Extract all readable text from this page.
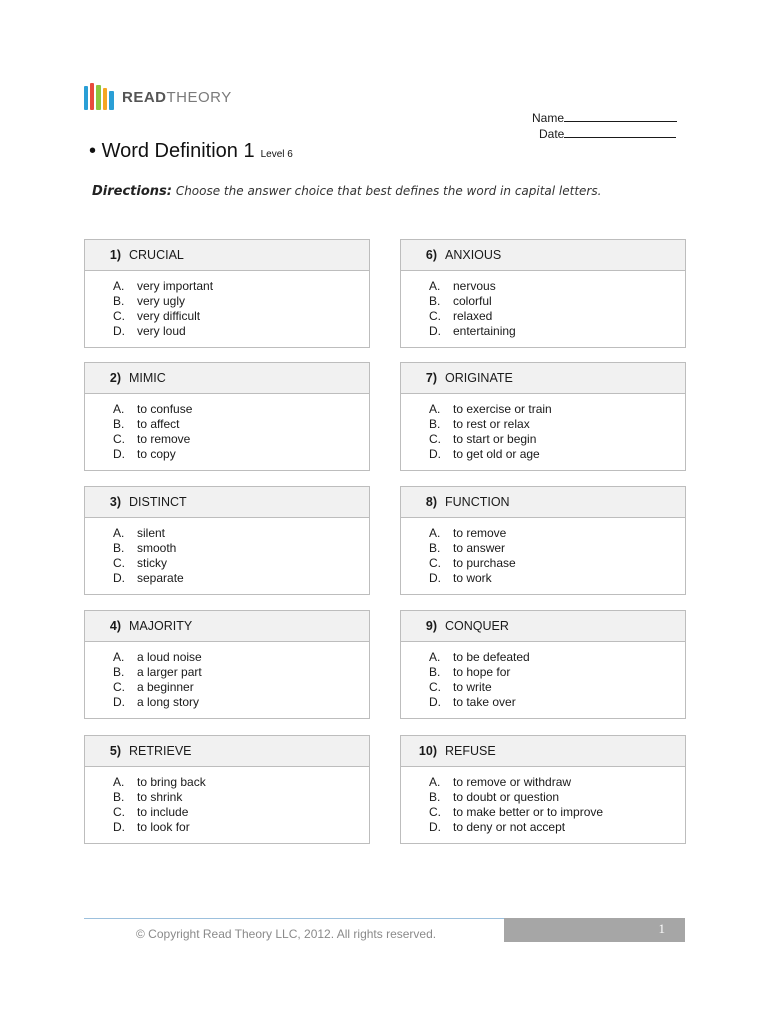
READTHEORY
Name
Date
• Word Definition 1 Level 6
Directions: Choose the answer choice that best defines the word in capital letters.
1) CRUCIAL
A.	very important
B.	very ugly
C.	very difficult
D.	very loud
2) MIMIC
A.	to confuse
B.	to affect
C.	to remove
D.	to copy
3) DISTINCT
A.	silent
B.	smooth
C.	sticky
D.	separate
4) MAJORITY
A.	a loud noise
B.	a larger part
C.	a beginner
D.	a long story
5) RETRIEVE
A.	to bring back
B.	to shrink
C.	to include
D.	to look for
6) ANXIOUS
A.	nervous
B.	colorful
C.	relaxed
D.	entertaining
7) ORIGINATE
A.	to exercise or train
B.	to rest or relax
C.	to start or begin
D.	to get old or age
8) FUNCTION
A.	to remove
B.	to answer
C.	to purchase
D.	to work
9) CONQUER
A.	to be defeated
B.	to hope for
C.	to write
D.	to take over
10) REFUSE
A.	to remove or withdraw
B.	to doubt or question
C.	to make better or to improve
D.	to deny or not accept
© Copyright Read Theory LLC, 2012. All rights reserved.	1
